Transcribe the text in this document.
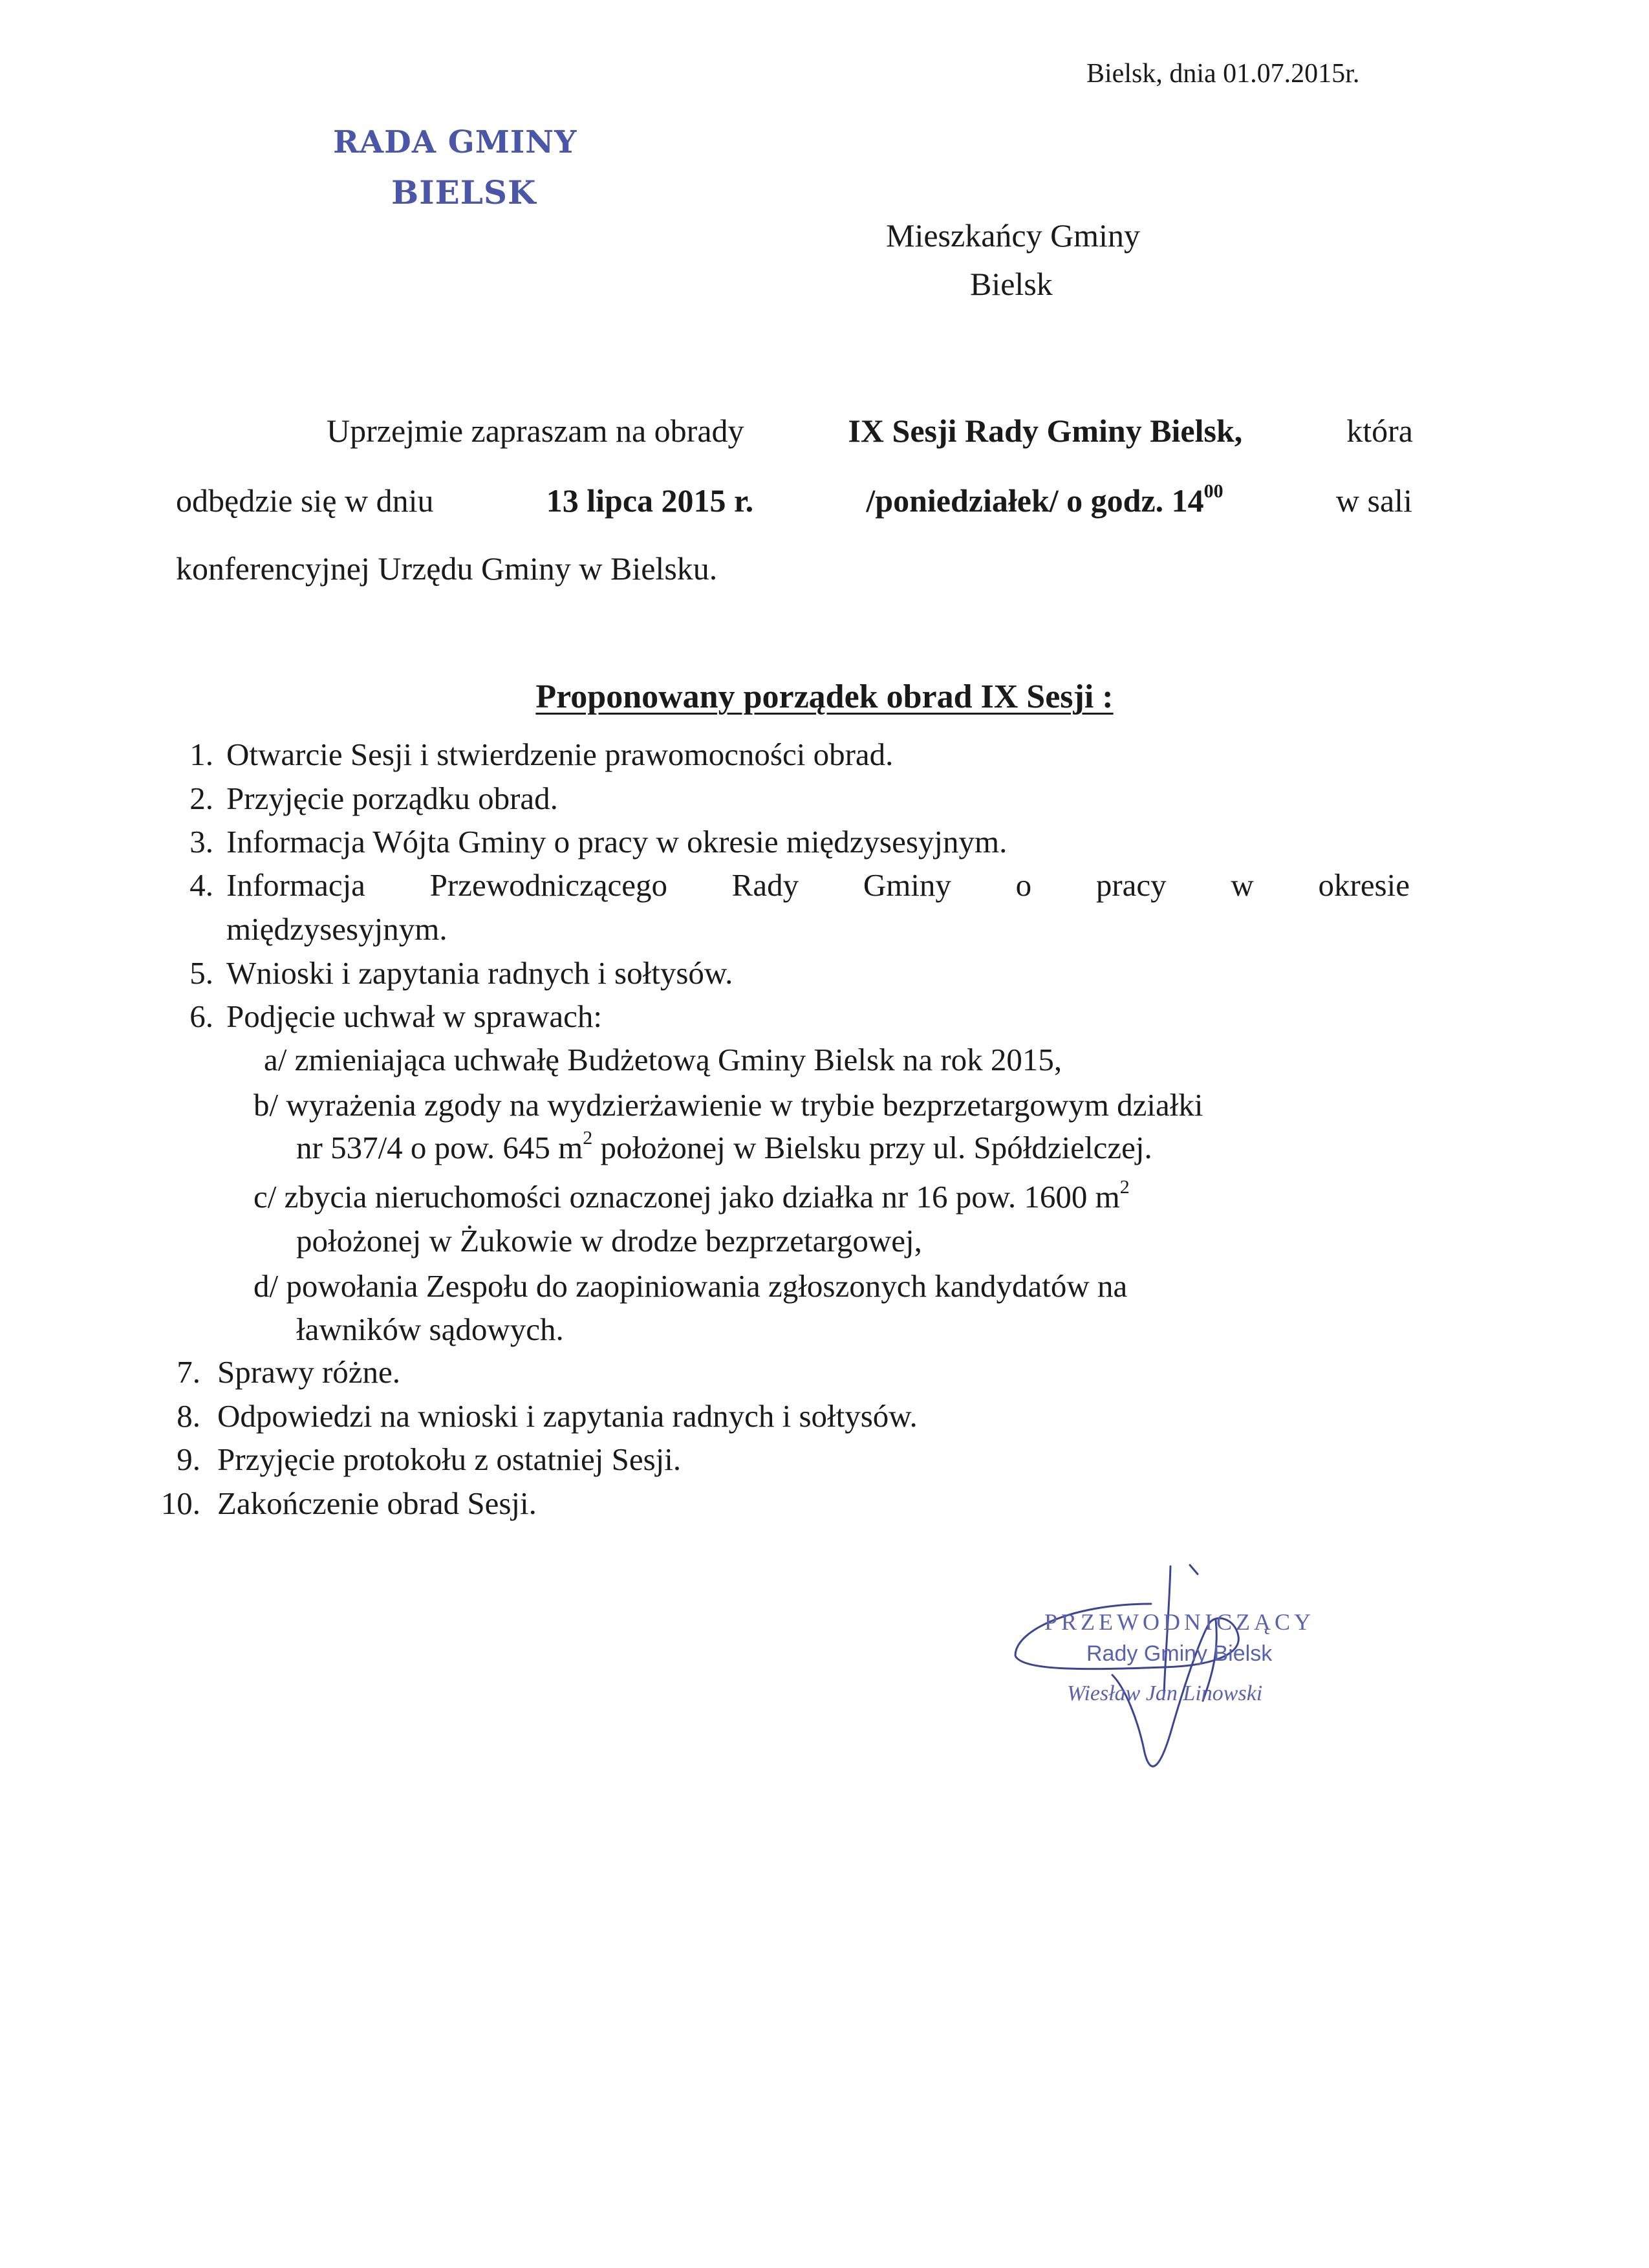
Bielsk, dnia 01.07.2015r.
RADA GMINY
BIELSK
Mieszkańcy Gminy
Bielsk
Uprzejmie zapraszam na obrady	IX Sesji Rady Gminy Bielsk,	która
odbędzie się w dniu	13 lipca 2015 r.	/poniedziałek/ o godz. $14^{00}$	w sali
konferencyjnej Urzędu Gminy w Bielsku.
Proponowany porządek obrad IX Sesji :
1. Otwarcie Sesji i stwierdzenie prawomocności obrad.
2. Przyjęcie porządku obrad.
3. Informacja Wójta Gminy o pracy w okresie międzysesyjnym.
4. Informacja Przewodniczącego Rady Gminy o pracy w okresie
międzysesyjnym.
5. Wnioski i zapytania radnych i sołtysów.
6. Podjęcie uchwał w sprawach:
a/ zmieniająca uchwałę Budżetową Gminy Bielsk na rok 2015,
b/ wyrażenia zgody na wydzierżawienie w trybie bezprzetargowym działki
nr 537/4 o pow. 645 $m^2$ położonej w Bielsku przy ul. Spółdzielczej.
c/ zbycia nieruchomości oznaczonej jako działka nr 16 pow. 1600 $m^2$
położonej w Żukowie w drodze bezprzetargowej,
d/ powołania Zespołu do zaopiniowania zgłoszonych kandydatów na
ławników sądowych.
7. Sprawy różne.
8. Odpowiedzi na wnioski i zapytania radnych i sołtysów.
9. Przyjęcie protokołu z ostatniej Sesji.
10. Zakończenie obrad Sesji.
PRZEWODNICZĄCY
Rady Gminy Bielsk
Wiesław Jan Linowski
